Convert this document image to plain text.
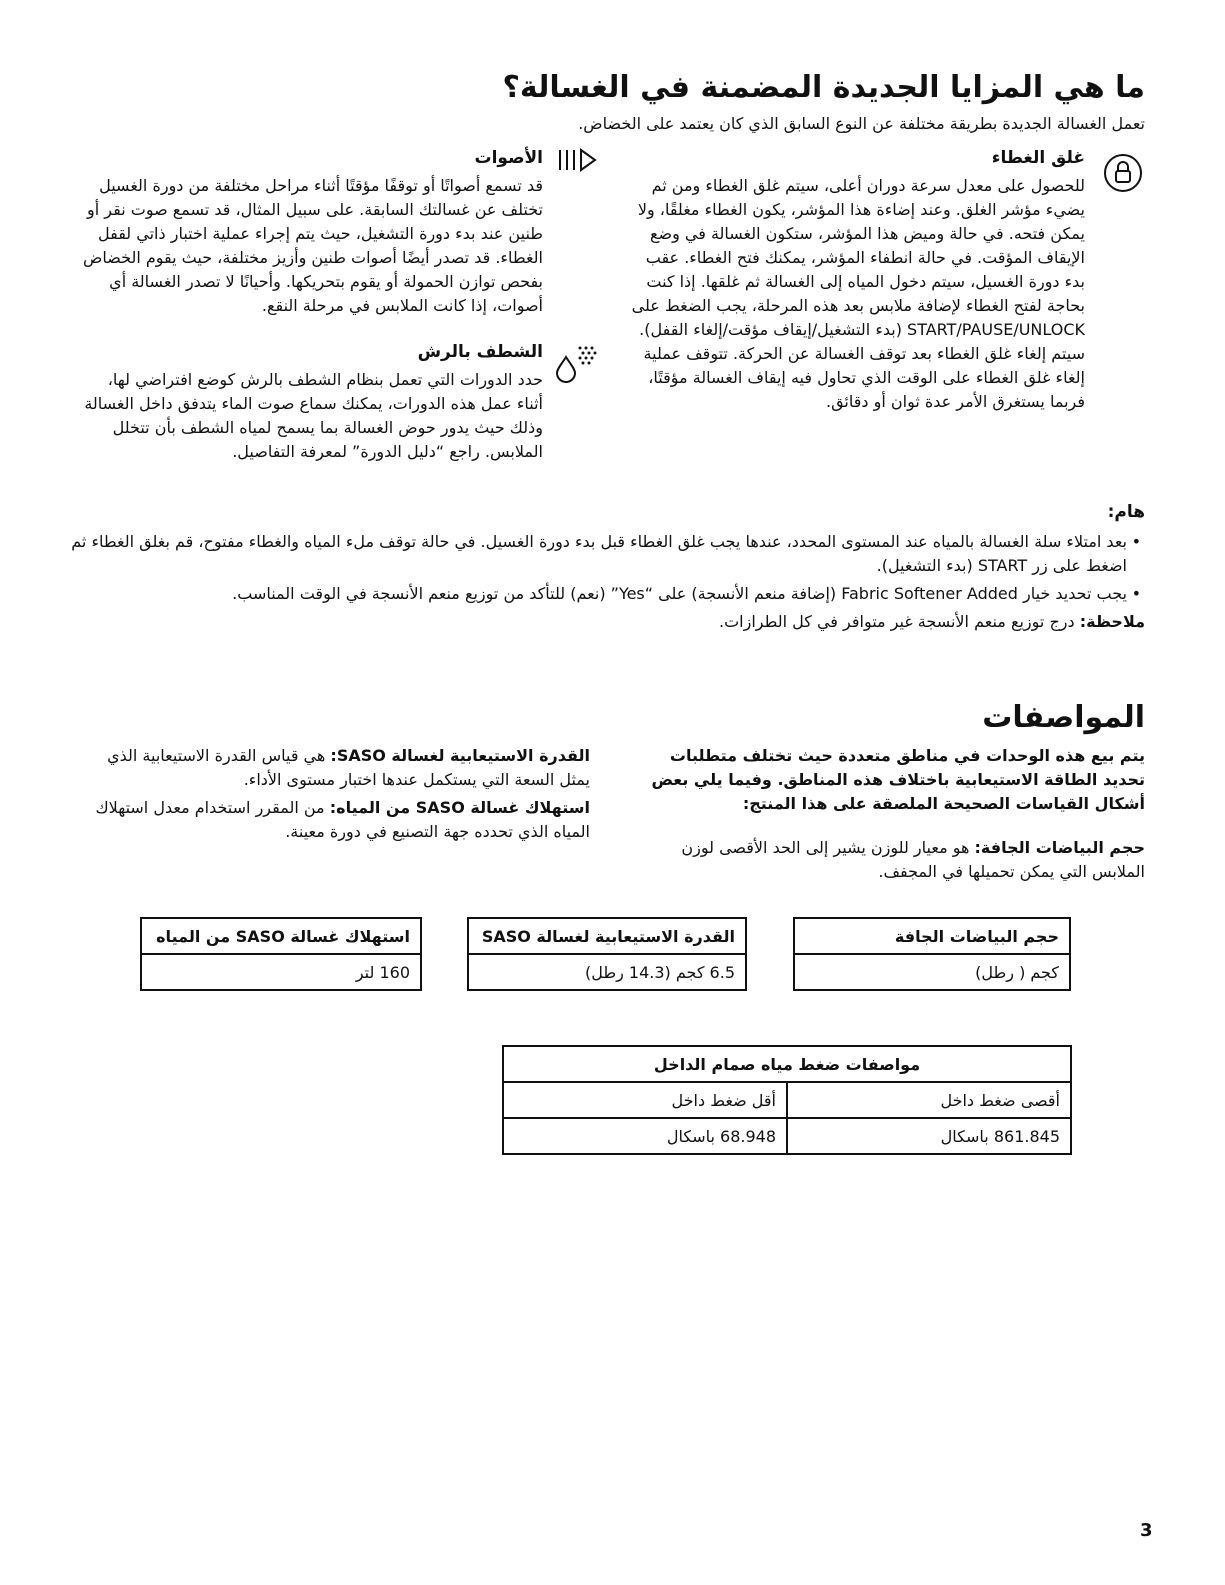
ما هي المزايا الجديدة المضمنة في الغسالة؟
تعمل الغسالة الجديدة بطريقة مختلفة عن النوع السابق الذي كان يعتمد على الخضاض.
غلق الغطاء
للحصول على معدل سرعة دوران أعلى، سيتم غلق الغطاء ومن ثم يضيء مؤشر الغلق. وعند إضاءة هذا المؤشر، يكون الغطاء مغلقًا، ولا يمكن فتحه. في حالة وميض هذا المؤشر، ستكون الغسالة في وضع الإيقاف المؤقت. في حالة انطفاء المؤشر، يمكنك فتح الغطاء. عقب بدء دورة الغسيل، سيتم دخول المياه إلى الغسالة ثم غلقها. إذا كنت بحاجة لفتح الغطاء لإضافة ملابس بعد هذه المرحلة، يجب الضغط على START/PAUSE/UNLOCK (بدء التشغيل/إيقاف مؤقت/إلغاء القفل). سيتم إلغاء غلق الغطاء بعد توقف الغسالة عن الحركة. تتوقف عملية إلغاء غلق الغطاء على الوقت الذي تحاول فيه إيقاف الغسالة مؤقتًا، فربما يستغرق الأمر عدة ثوان أو دقائق.
الأصوات
قد تسمع أصواتًا أو توقفًا مؤقتًا أثناء مراحل مختلفة من دورة الغسيل تختلف عن غسالتك السابقة. على سبيل المثال، قد تسمع صوت نقر أو طنين عند بدء دورة التشغيل، حيث يتم إجراء عملية اختبار ذاتي لقفل الغطاء. قد تصدر أيضًا أصوات طنين وأزيز مختلفة، حيث يقوم الخضاض بفحص توازن الحمولة أو يقوم بتحريكها. وأحيانًا لا تصدر الغسالة أي أصوات، إذا كانت الملابس في مرحلة النقع.
الشطف بالرش
حدد الدورات التي تعمل بنظام الشطف بالرش كوضع افتراضي لها، أثناء عمل هذه الدورات، يمكنك سماع صوت الماء يتدفق داخل الغسالة وذلك حيث يدور حوض الغسالة بما يسمح لمياه الشطف بأن تتخلل الملابس. راجع “دليل الدورة” لمعرفة التفاصيل.
هام:
• بعد امتلاء سلة الغسالة بالمياه عند المستوى المحدد، عندها يجب غلق الغطاء قبل بدء دورة الغسيل. في حالة توقف ملء المياه والغطاء مفتوح، قم بغلق الغطاء ثم اضغط على زر START (بدء التشغيل).
• يجب تحديد خيار Fabric Softener Added (إضافة منعم الأنسجة) على “Yes” (نعم) للتأكد من توزيع منعم الأنسجة في الوقت المناسب.
ملاحظة: درج توزيع منعم الأنسجة غير متوافر في كل الطرازات.
المواصفات
يتم بيع هذه الوحدات في مناطق متعددة حيث تختلف متطلبات تحديد الطاقة الاستيعابية باختلاف هذه المناطق. وفيما يلي بعض أشكال القياسات الصحيحة الملصقة على هذا المنتج:
حجم البياضات الجافة: هو معيار للوزن يشير إلى الحد الأقصى لوزن الملابس التي يمكن تحميلها في المجفف.
القدرة الاستيعابية لغسالة SASO: هي قياس القدرة الاستيعابية الذي يمثل السعة التي يستكمل عندها اختبار مستوى الأداء.
استهلاك غسالة SASO من المياه: من المقرر استخدام معدل استهلاك المياه الذي تحدده جهة التصنيع في دورة معينة.
حجم البياضات الجافة
كجم ( رطل)
القدرة الاستيعابية لغسالة SASO
6.5 كجم (14.3 رطل)
استهلاك غسالة SASO من المياه
160 لتر
مواصفات ضغط مياه صمام الداخل	
أقصى ضغط داخل	أقل ضغط داخل
861.845 باسكال	68.948 باسكال
3
